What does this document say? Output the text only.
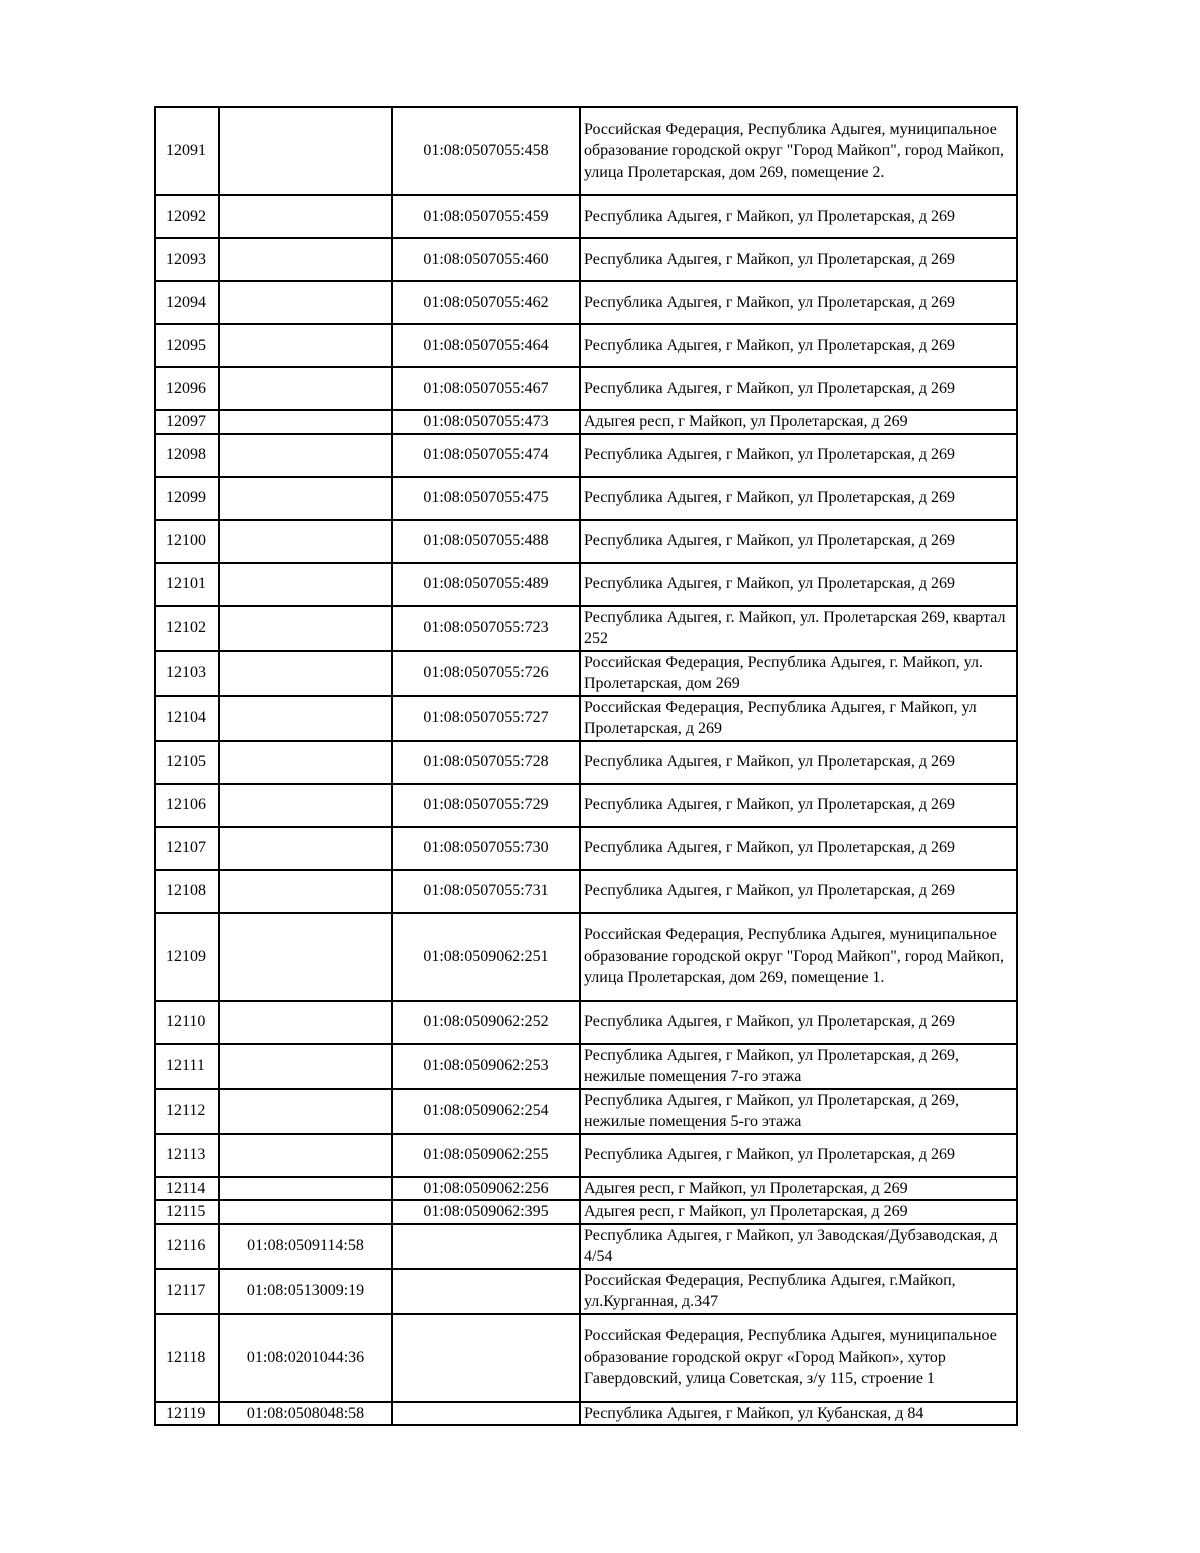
12091		01:08:0507055:458	Российская Федерация, Республика Адыгея, муниципальное образование городской округ "Город Майкоп", город Майкоп, улица Пролетарская, дом 269, помещение 2.
12092		01:08:0507055:459	Республика Адыгея, г Майкоп, ул Пролетарская, д 269
12093		01:08:0507055:460	Республика Адыгея, г Майкоп, ул Пролетарская, д 269
12094		01:08:0507055:462	Республика Адыгея, г Майкоп, ул Пролетарская, д 269
12095		01:08:0507055:464	Республика Адыгея, г Майкоп, ул Пролетарская, д 269
12096		01:08:0507055:467	Республика Адыгея, г Майкоп, ул Пролетарская, д 269
12097		01:08:0507055:473	Адыгея респ, г Майкоп, ул Пролетарская, д 269
12098		01:08:0507055:474	Республика Адыгея, г Майкоп, ул Пролетарская, д 269
12099		01:08:0507055:475	Республика Адыгея, г Майкоп, ул Пролетарская, д 269
12100		01:08:0507055:488	Республика Адыгея, г Майкоп, ул Пролетарская, д 269
12101		01:08:0507055:489	Республика Адыгея, г Майкоп, ул Пролетарская, д 269
12102		01:08:0507055:723	Республика Адыгея, г. Майкоп, ул. Пролетарская 269, квартал 252
12103		01:08:0507055:726	Российская Федерация, Республика Адыгея, г. Майкоп, ул. Пролетарская, дом 269
12104		01:08:0507055:727	Российская Федерация, Республика Адыгея, г Майкоп, ул Пролетарская, д 269
12105		01:08:0507055:728	Республика Адыгея, г Майкоп, ул Пролетарская, д 269
12106		01:08:0507055:729	Республика Адыгея, г Майкоп, ул Пролетарская, д 269
12107		01:08:0507055:730	Республика Адыгея, г Майкоп, ул Пролетарская, д 269
12108		01:08:0507055:731	Республика Адыгея, г Майкоп, ул Пролетарская, д 269
12109		01:08:0509062:251	Российская Федерация, Республика Адыгея, муниципальное образование городской округ "Город Майкоп", город Майкоп, улица Пролетарская, дом 269, помещение 1.
12110		01:08:0509062:252	Республика Адыгея, г Майкоп, ул Пролетарская, д 269
12111		01:08:0509062:253	Республика Адыгея, г Майкоп, ул Пролетарская, д 269, нежилые помещения 7-го этажа
12112		01:08:0509062:254	Республика Адыгея, г Майкоп, ул Пролетарская, д 269, нежилые помещения 5-го этажа
12113		01:08:0509062:255	Республика Адыгея, г Майкоп, ул Пролетарская, д 269
12114		01:08:0509062:256	Адыгея респ, г Майкоп, ул Пролетарская, д 269
12115		01:08:0509062:395	Адыгея респ, г Майкоп, ул Пролетарская, д 269
12116	01:08:0509114:58		Республика Адыгея, г Майкоп, ул Заводская/Дубзаводская, д 4/54
12117	01:08:0513009:19		Российская Федерация, Республика Адыгея, г.Майкоп, ул.Курганная, д.347
12118	01:08:0201044:36		Российская Федерация, Республика Адыгея, муниципальное образование городской округ «Город Майкоп», хутор Гавердовский, улица Советская, з/у 115, строение 1
12119	01:08:0508048:58		Республика Адыгея, г Майкоп, ул Кубанская, д 84
